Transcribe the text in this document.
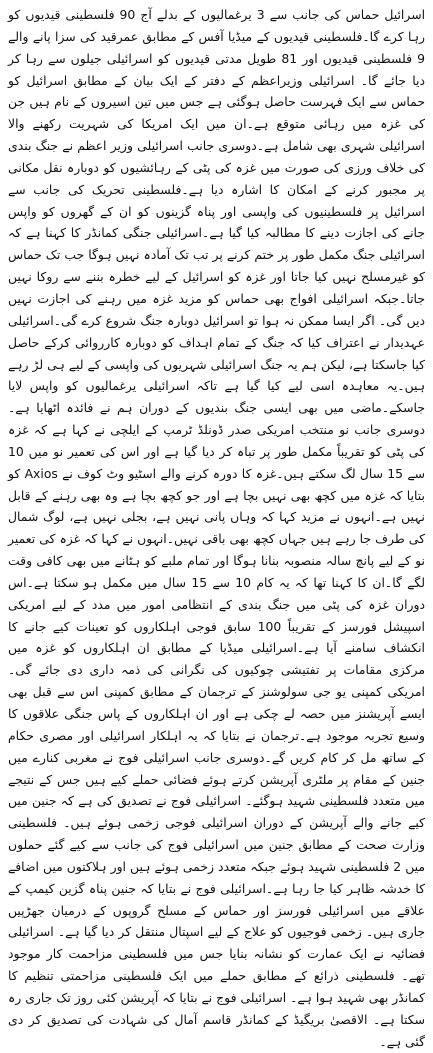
اسرائیل حماس کی جانب سے 3 یرغمالیوں کے بدلے آج 90 فلسطینی قیدیوں کو رہا کرے گا۔فلسطینی قیدیوں کے میڈیا آفس کے مطابق عمرقید کی سزا پانے والے 9 فلسطینی قیدیوں اور 81 طویل مدتی قیدیوں کو اسرائیلی جیلوں سے رہا کر دیا جائے گا۔ اسرائیلی وزیراعظم کے دفتر کے ایک بیان کے مطابق اسرائیل کو حماس سے ایک فہرست حاصل ہوگئی ہے جس میں تین اسیروں کے نام ہیں جن کی غزہ میں رہائی متوقع ہے۔ان میں ایک امریکا کی شہریت رکھنے والا اسرائیلی شہری بھی شامل ہے۔دوسری جانب اسرائیلی وزیر اعظم نے جنگ بندی کی خلاف ورزی کی صورت میں غزہ کی پٹی کے رہائشیوں کو دوبارہ نقل مکانی پر مجبور کرنے کے امکان کا اشارہ دیا ہے۔فلسطینی تحریک کی جانب سے اسرائیل پر فلسطینیوں کی واپسی اور پناہ گزینوں کو ان کے گھروں کو واپس جانے کی اجازت دینے کا مطالبہ کیا گیا ہے۔اسرائیلی جنگی کمانڈر کا کہنا ہے کہ اسرائیلی جنگ مکمل طور پر ختم کرنے پر تب تک آمادہ نہیں ہوگا جب تک حماس کو غیرمسلح نہیں کیا جاتا اور غزہ کو اسرائیل کے لیے خطرہ بننے سے روکا نہیں جاتا۔جبکہ اسرائیلی افواج بھی حماس کو مزید غزہ میں رہنے کی اجازت نہیں دیں گی۔ اگر ایسا ممکن نہ ہوا تو اسرائیل دوبارہ جنگ شروع کرے گی۔اسرائیلی عہدیدار نے اعتراف کیا کہ جنگ کے تمام اہداف کو دوبارہ کارروائی کرکے حاصل کیا جاسکتا ہے، لیکن ہم یہ جنگ اسرائیلی شہریوں کی واپسی کے لیے ہی لڑ رہے ہیں۔یہ معاہدہ اسی لیے کیا گیا ہے تاکہ اسرائیلی یرغمالیوں کو واپس لایا جاسکے۔ماضی میں بھی ایسی جنگ بندیوں کے دوران ہم نے فائدہ اٹھایا ہے۔دوسری جانب نو منتخب امریکی صدر ڈونلڈ ٹرمپ کے ایلچی نے کہا ہے کہ غزہ کی پٹی کو تقریباً مکمل طور پر تباہ کر دیا گیا ہے اور اس کی تعمیر نو میں 10 سے 15 سال لگ سکتے ہیں۔غزہ کا دورہ کرنے والے اسٹیو وٹ کوف نے Axios کو بتایا کہ غزہ میں کچھ بھی نہیں بچا ہے اور جو کچھ بچا ہے وہ بھی رہنے کے قابل نہیں ہے۔انہوں نے مزید کہا کہ وہاں پانی نہیں ہے، بجلی نہیں ہے، لوگ شمال کی طرف جا رہے ہیں جہاں کچھ بھی باقی نہیں۔انہوں نے کہا کہ غزہ کی تعمیر نو کے لیے پانچ سالہ منصوبہ بنانا ہوگا اور تمام ملبے کو ہٹانے میں بھی کافی وقت لگے گا۔ان کا کہنا تھا کہ یہ کام 10 سے 15 سال میں مکمل ہو سکتا ہے۔اس دوران غزہ کی پٹی میں جنگ بندی کے انتظامی امور میں مدد کے لیے امریکی اسپیشل فورسز کے تقریباً 100 سابق فوجی اہلکاروں کو تعینات کیے جانے کا انکشاف سامنے آیا ہے۔اسرائیلی میڈیا کے مطابق ان اہلکاروں کو غزہ میں مرکزی مقامات پر تفتیشی چوکیوں کی نگرانی کی ذمہ داری دی جائے گی۔ امریکی کمپنی یو جی سولوشنز کے ترجمان کے مطابق کمپنی اس سے قبل بھی ایسے آپریشنز میں حصہ لے چکی ہے اور ان اہلکاروں کے پاس جنگی علاقوں کا وسیع تجربہ موجود ہے۔ترجمان نے بتایا کہ یہ اہلکار اسرائیلی اور مصری حکام کے ساتھ مل کر کام کریں گے۔دوسری جانب اسرائیلی فوج نے مغربی کنارے میں جنین کے مقام پر ملٹری آپریشن کرتے ہوئے فضائی حملے کیے ہیں جس کے نتیجے میں متعدد فلسطینی شہید ہوگئے۔ اسرائیلی فوج نے تصدیق کی ہے کہ جنین میں کیے جانے والے آپریشن کے دوران اسرائیلی فوجی زخمی ہوئے ہیں۔ فلسطینی وزارت صحت کے مطابق جنین میں اسرائیلی فوج کی جانب سے کیے گئے حملوں میں 2 فلسطینی شہید ہوئے جبکہ متعدد زخمی ہوئے ہیں اور ہلاکتوں میں اضافے کا خدشہ ظاہر کیا جا رہا ہے۔اسرائیلی فوج نے بتایا کہ جنین پناہ گزین کیمپ کے علاقے میں اسرائیلی فورسز اور حماس کے مسلح گروپوں کے درمیان جھڑپیں جاری ہیں۔ زخمی فوجیوں کو علاج کے لیے اسپتال منتقل کر دیا گیا ہے۔ اسرائیلی فضائیہ نے ایک عمارت کو نشانہ بنایا جس میں فلسطینی مزاحمت کار موجود تھے۔ فلسطینی ذرائع کے مطابق حملے میں ایک فلسطینی مزاحمتی تنظیم کا کمانڈر بھی شہید ہوا ہے۔ اسرائیلی فوج نے بتایا کہ آپریشن کئی روز تک جاری رہ سکتا ہے۔ الاقصیٰ بریگیڈ کے کمانڈر قاسم آمال کی شہادت کی تصدیق کر دی گئی ہے۔
